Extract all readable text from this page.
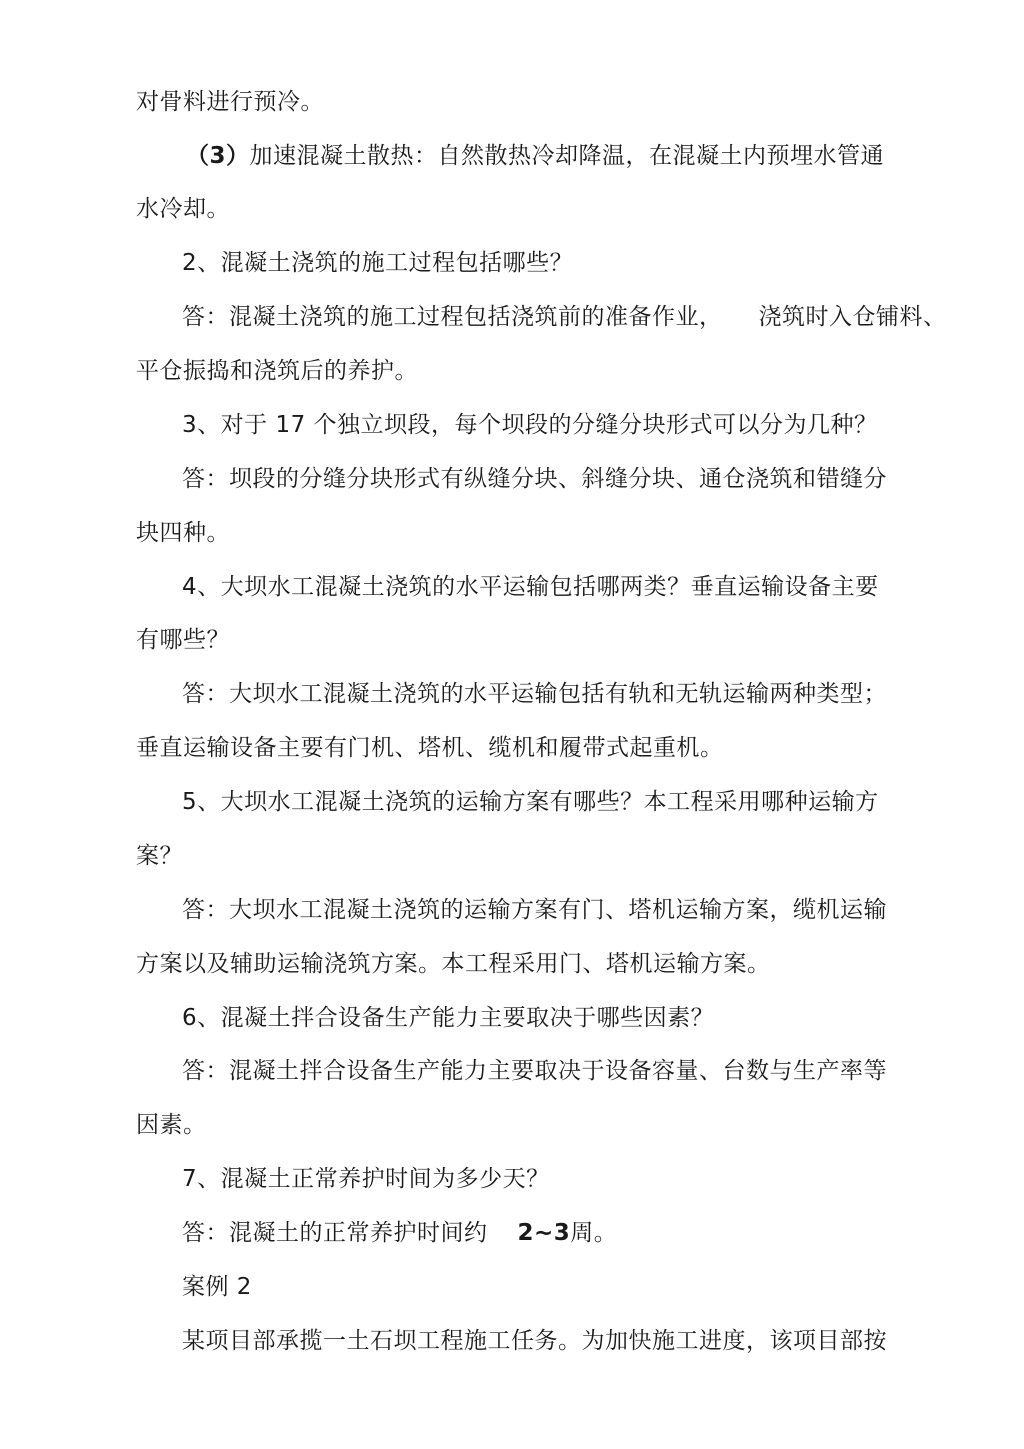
对骨料进行预冷。
（3）加速混凝土散热：自然散热冷却降温，在混凝土内预埋水管通
水冷却。
2、混凝土浇筑的施工过程包括哪些？
答：混凝土浇筑的施工过程包括浇筑前的准备作业， 浇筑时入仓铺料、
平仓振捣和浇筑后的养护。
3、对于 17 个独立坝段，每个坝段的分缝分块形式可以分为几种？
答：坝段的分缝分块形式有纵缝分块、斜缝分块、通仓浇筑和错缝分
块四种。
4、大坝水工混凝土浇筑的水平运输包括哪两类？垂直运输设备主要
有哪些？
答：大坝水工混凝土浇筑的水平运输包括有轨和无轨运输两种类型；
垂直运输设备主要有门机、塔机、缆机和履带式起重机。
5、大坝水工混凝土浇筑的运输方案有哪些？本工程采用哪种运输方
案？
答：大坝水工混凝土浇筑的运输方案有门、塔机运输方案，缆机运输
方案以及辅助运输浇筑方案。本工程采用门、塔机运输方案。
6、混凝土拌合设备生产能力主要取决于哪些因素？
答：混凝土拌合设备生产能力主要取决于设备容量、台数与生产率等
因素。
7、混凝土正常养护时间为多少天？
答：混凝土的正常养护时间约 2~3周。
案例 2
某项目部承揽一土石坝工程施工任务。为加快施工进度，该项目部按
